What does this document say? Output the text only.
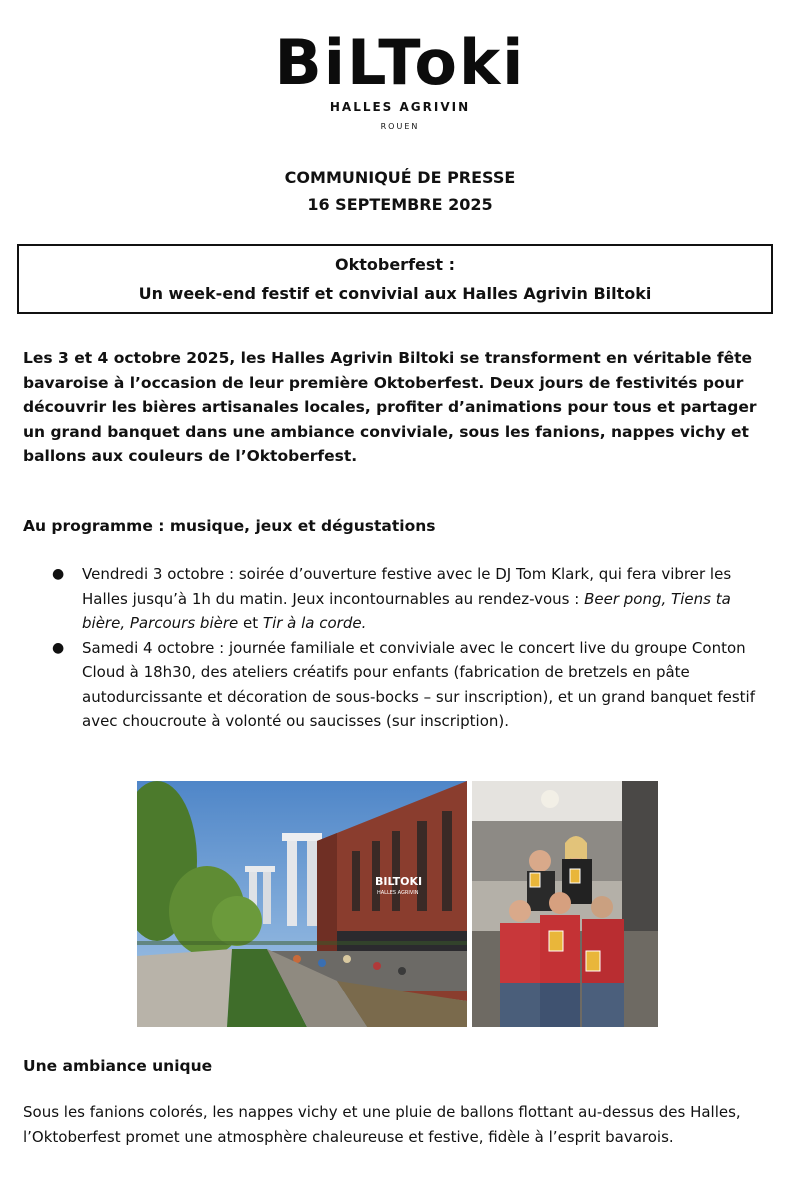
BiLToki
HALLES AGRIVIN
ROUEN
COMMUNIQUÉ DE PRESSE
16 SEPTEMBRE 2025
Oktoberfest :
Un week-end festif et convivial aux Halles Agrivin Biltoki
Les 3 et 4 octobre 2025, les Halles Agrivin Biltoki se transforment en véritable fête bavaroise à l’occasion de leur première Oktoberfest. Deux jours de festivités pour découvrir les bières artisanales locales, profiter d’animations pour tous et partager un grand banquet dans une ambiance conviviale, sous les fanions, nappes vichy et ballons aux couleurs de l’Oktoberfest.
Au programme : musique, jeux et dégustations
● Vendredi 3 octobre : soirée d’ouverture festive avec le DJ Tom Klark, qui fera vibrer les Halles jusqu’à 1h du matin. Jeux incontournables au rendez-vous : Beer pong, Tiens ta bière, Parcours bière et Tir à la corde.
● Samedi 4 octobre : journée familiale et conviviale avec le concert live du groupe Conton Cloud à 18h30, des ateliers créatifs pour enfants (fabrication de bretzels en pâte autodurcissante et décoration de sous-bocks – sur inscription), et un grand banquet festif avec choucroute à volonté ou saucisses (sur inscription).
BILTOKI
HALLES AGRIVIN
Une ambiance unique
Sous les fanions colorés, les nappes vichy et une pluie de ballons flottant au-dessus des Halles, l’Oktoberfest promet une atmosphère chaleureuse et festive, fidèle à l’esprit bavarois.
